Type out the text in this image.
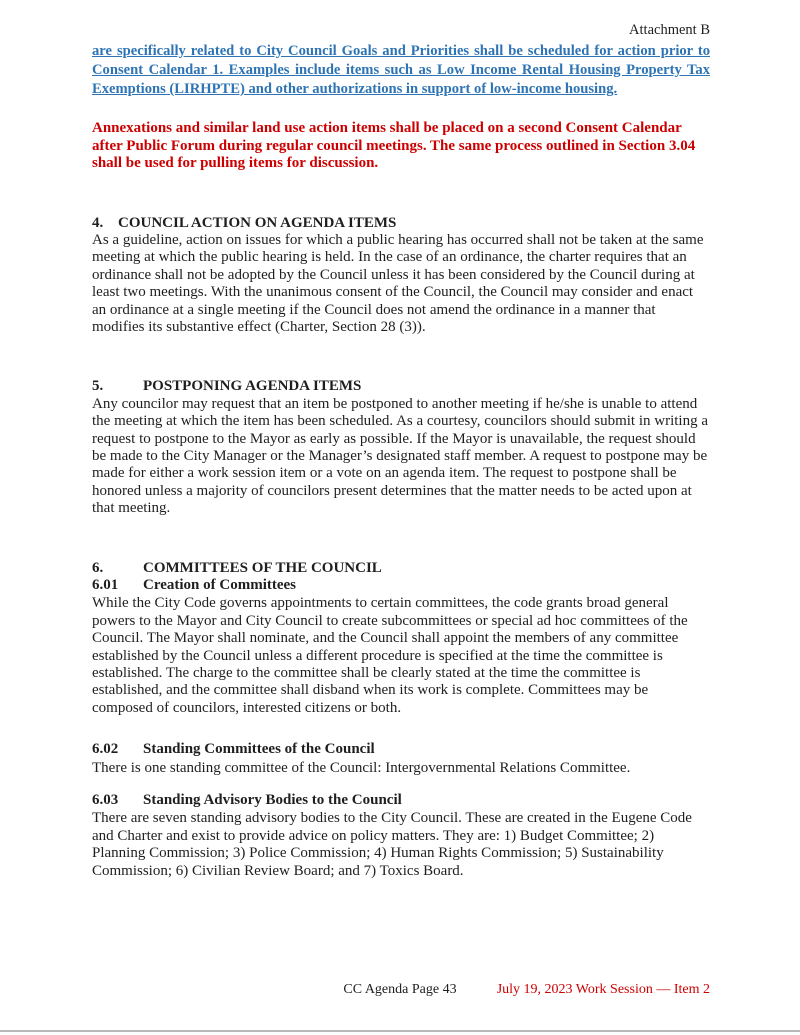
Attachment B

are specifically related to City Council Goals and Priorities shall be scheduled for action prior to Consent Calendar 1. Examples include items such as Low Income Rental Housing Property Tax Exemptions (LIRHPTE) and other authorizations in support of low-income housing.

Annexations and similar land use action items shall be placed on a second Consent Calendar after Public Forum during regular council meetings. The same process outlined in Section 3.04 shall be used for pulling items for discussion.

4. COUNCIL ACTION ON AGENDA ITEMS

As a guideline, action on issues for which a public hearing has occurred shall not be taken at the same meeting at which the public hearing is held. In the case of an ordinance, the charter requires that an ordinance shall not be adopted by the Council unless it has been considered by the Council during at least two meetings. With the unanimous consent of the Council, the Council may consider and enact an ordinance at a single meeting if the Council does not amend the ordinance in a manner that modifies its substantive effect (Charter, Section 28 (3)).

5.	POSTPONING AGENDA ITEMS

Any councilor may request that an item be postponed to another meeting if he/she is unable to attend the meeting at which the item has been scheduled. As a courtesy, councilors should submit in writing a request to postpone to the Mayor as early as possible. If the Mayor is unavailable, the request should be made to the City Manager or the Manager’s designated staff member. A request to postpone may be made for either a work session item or a vote on an agenda item. The request to postpone shall be honored unless a majority of councilors present determines that the matter needs to be acted upon at that meeting.

6.	COMMITTEES OF THE COUNCIL
6.01	Creation of Committees

While the City Code governs appointments to certain committees, the code grants broad general powers to the Mayor and City Council to create subcommittees or special ad hoc committees of the Council. The Mayor shall nominate, and the Council shall appoint the members of any committee established by the Council unless a different procedure is specified at the time the committee is established. The charge to the committee shall be clearly stated at the time the committee is established, and the committee shall disband when its work is complete. Committees may be composed of councilors, interested citizens or both.

6.02	Standing Committees of the Council

There is one standing committee of the Council: Intergovernmental Relations Committee.

6.03	Standing Advisory Bodies to the Council

There are seven standing advisory bodies to the City Council. These are created in the Eugene Code and Charter and exist to provide advice on policy matters. They are: 1) Budget Committee; 2) Planning Commission; 3) Police Commission; 4) Human Rights Commission; 5) Sustainability Commission; 6) Civilian Review Board; and 7) Toxics Board.

CC Agenda Page 43	July 19, 2023 Work Session — Item 2
